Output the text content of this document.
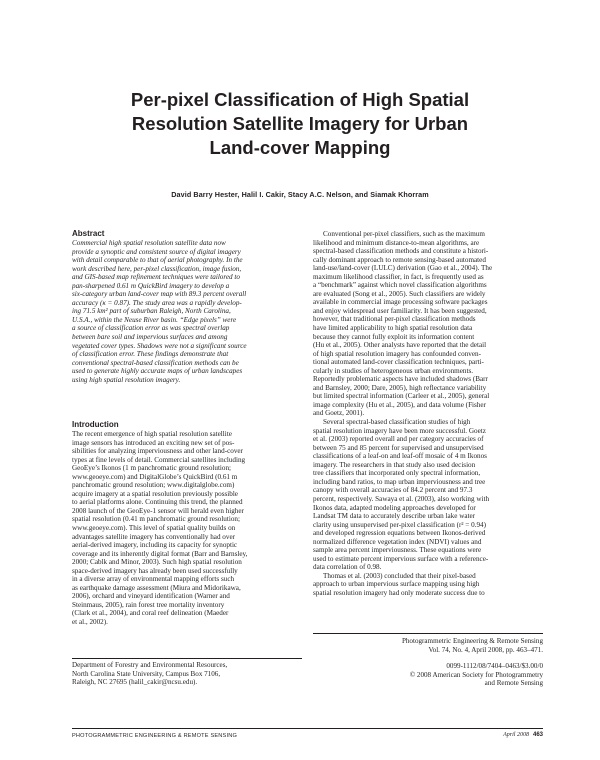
Per-pixel Classification of High Spatial
Resolution Satellite Imagery for Urban
Land-cover Mapping
David Barry Hester, Halil I. Cakir, Stacy A.C. Nelson, and Siamak Khorram
Abstract

Commercial high spatial resolution satellite data now
provide a synoptic and consistent source of digital imagery
with detail comparable to that of aerial photography. In the
work described here, per-pixel classification, image fusion,
and GIS-based map refinement techniques were tailored to
pan-sharpened 0.61 m QuickBird imagery to develop a
six-category urban land-cover map with 89.3 percent overall
accuracy (κ = 0.87). The study area was a rapidly develop-
ing 71.5 km² part of suburban Raleigh, North Carolina,
U.S.A., within the Neuse River basin. “Edge pixels” were
a source of classification error as was spectral overlap
between bare soil and impervious surfaces and among
vegetated cover types. Shadows were not a significant source
of classification error. These findings demonstrate that
conventional spectral-based classification methods can be
used to generate highly accurate maps of urban landscapes
using high spatial resolution imagery.

Introduction

The recent emergence of high spatial resolution satellite
image sensors has introduced an exciting new set of pos-
sibilities for analyzing imperviousness and other land-cover
types at fine levels of detail. Commercial satellites including
GeoEye’s Ikonos (1 m panchromatic ground resolution;
www.geoeye.com) and DigitalGlobe’s QuickBird (0.61 m
panchromatic ground resolution; www.digitalglobe.com)
acquire imagery at a spatial resolution previously possible
to aerial platforms alone. Continuing this trend, the planned
2008 launch of the GeoEye-1 sensor will herald even higher
spatial resolution (0.41 m panchromatic ground resolution;
www.geoeye.com). This level of spatial quality builds on
advantages satellite imagery has conventionally had over
aerial-derived imagery, including its capacity for synoptic
coverage and its inherently digital format (Barr and Barnsley,
2000; Cablk and Minor, 2003). Such high spatial resolution
space-derived imagery has already been used successfully
in a diverse array of environmental mapping efforts such
as earthquake damage assessment (Miura and Midorikawa,
2006), orchard and vineyard identification (Warner and
Steinmaus, 2005), rain forest tree mortality inventory
(Clark et al., 2004), and coral reef delineation (Maeder
et al., 2002).

Conventional per-pixel classifiers, such as the maximum
likelihood and minimum distance-to-mean algorithms, are
spectral-based classification methods and constitute a histori-
cally dominant approach to remote sensing-based automated
land-use/land-cover (LULC) derivation (Gao et al., 2004). The
maximum likelihood classifier, in fact, is frequently used as
a “benchmark” against which novel classification algorithms
are evaluated (Song et al., 2005). Such classifiers are widely
available in commercial image processing software packages
and enjoy widespread user familiarity. It has been suggested,
however, that traditional per-pixel classification methods
have limited applicability to high spatial resolution data
because they cannot fully exploit its information content
(Hu et al., 2005). Other analysts have reported that the detail
of high spatial resolution imagery has confounded conven-
tional automated land-cover classification techniques, parti-
cularly in studies of heterogeneous urban environments.
Reportedly problematic aspects have included shadows (Barr
and Barnsley, 2000; Dare, 2005), high reflectance variability
but limited spectral information (Carleer et al., 2005), general
image complexity (Hu et al., 2005), and data volume (Fisher
and Goetz, 2001).

Several spectral-based classification studies of high
spatial resolution imagery have been more successful. Goetz
et al. (2003) reported overall and per category accuracies of
between 75 and 85 percent for supervised and unsupervised
classifications of a leaf-on and leaf-off mosaic of 4 m Ikonos
imagery. The researchers in that study also used decision
tree classifiers that incorporated only spectral information,
including band ratios, to map urban imperviousness and tree
canopy with overall accuracies of 84.2 percent and 97.3
percent, respectively. Sawaya et al. (2003), also working with
Ikonos data, adapted modeling approaches developed for
Landsat TM data to accurately describe urban lake water
clarity using unsupervised per-pixel classification (r² = 0.94)
and developed regression equations between Ikonos-derived
normalized difference vegetation index (NDVI) values and
sample area percent imperviousness. These equations were
used to estimate percent impervious surface with a reference-
data correlation of 0.98.

Thomas et al. (2003) concluded that their pixel-based
approach to urban impervious surface mapping using high
spatial resolution imagery had only moderate success due to

Photogrammetric Engineering & Remote Sensing
Vol. 74, No. 4, April 2008, pp. 463–471.
0099-1112/08/7404–0463/$3.00/0
© 2008 American Society for Photogrammetry
and Remote Sensing
Department of Forestry and Environmental Resources,
North Carolina State University, Campus Box 7106,
Raleigh, NC 27695 (halil_cakir@ncsu.edu).
PHOTOGRAMMETRIC ENGINEERING & REMOTE SENSING	April 2008 463
